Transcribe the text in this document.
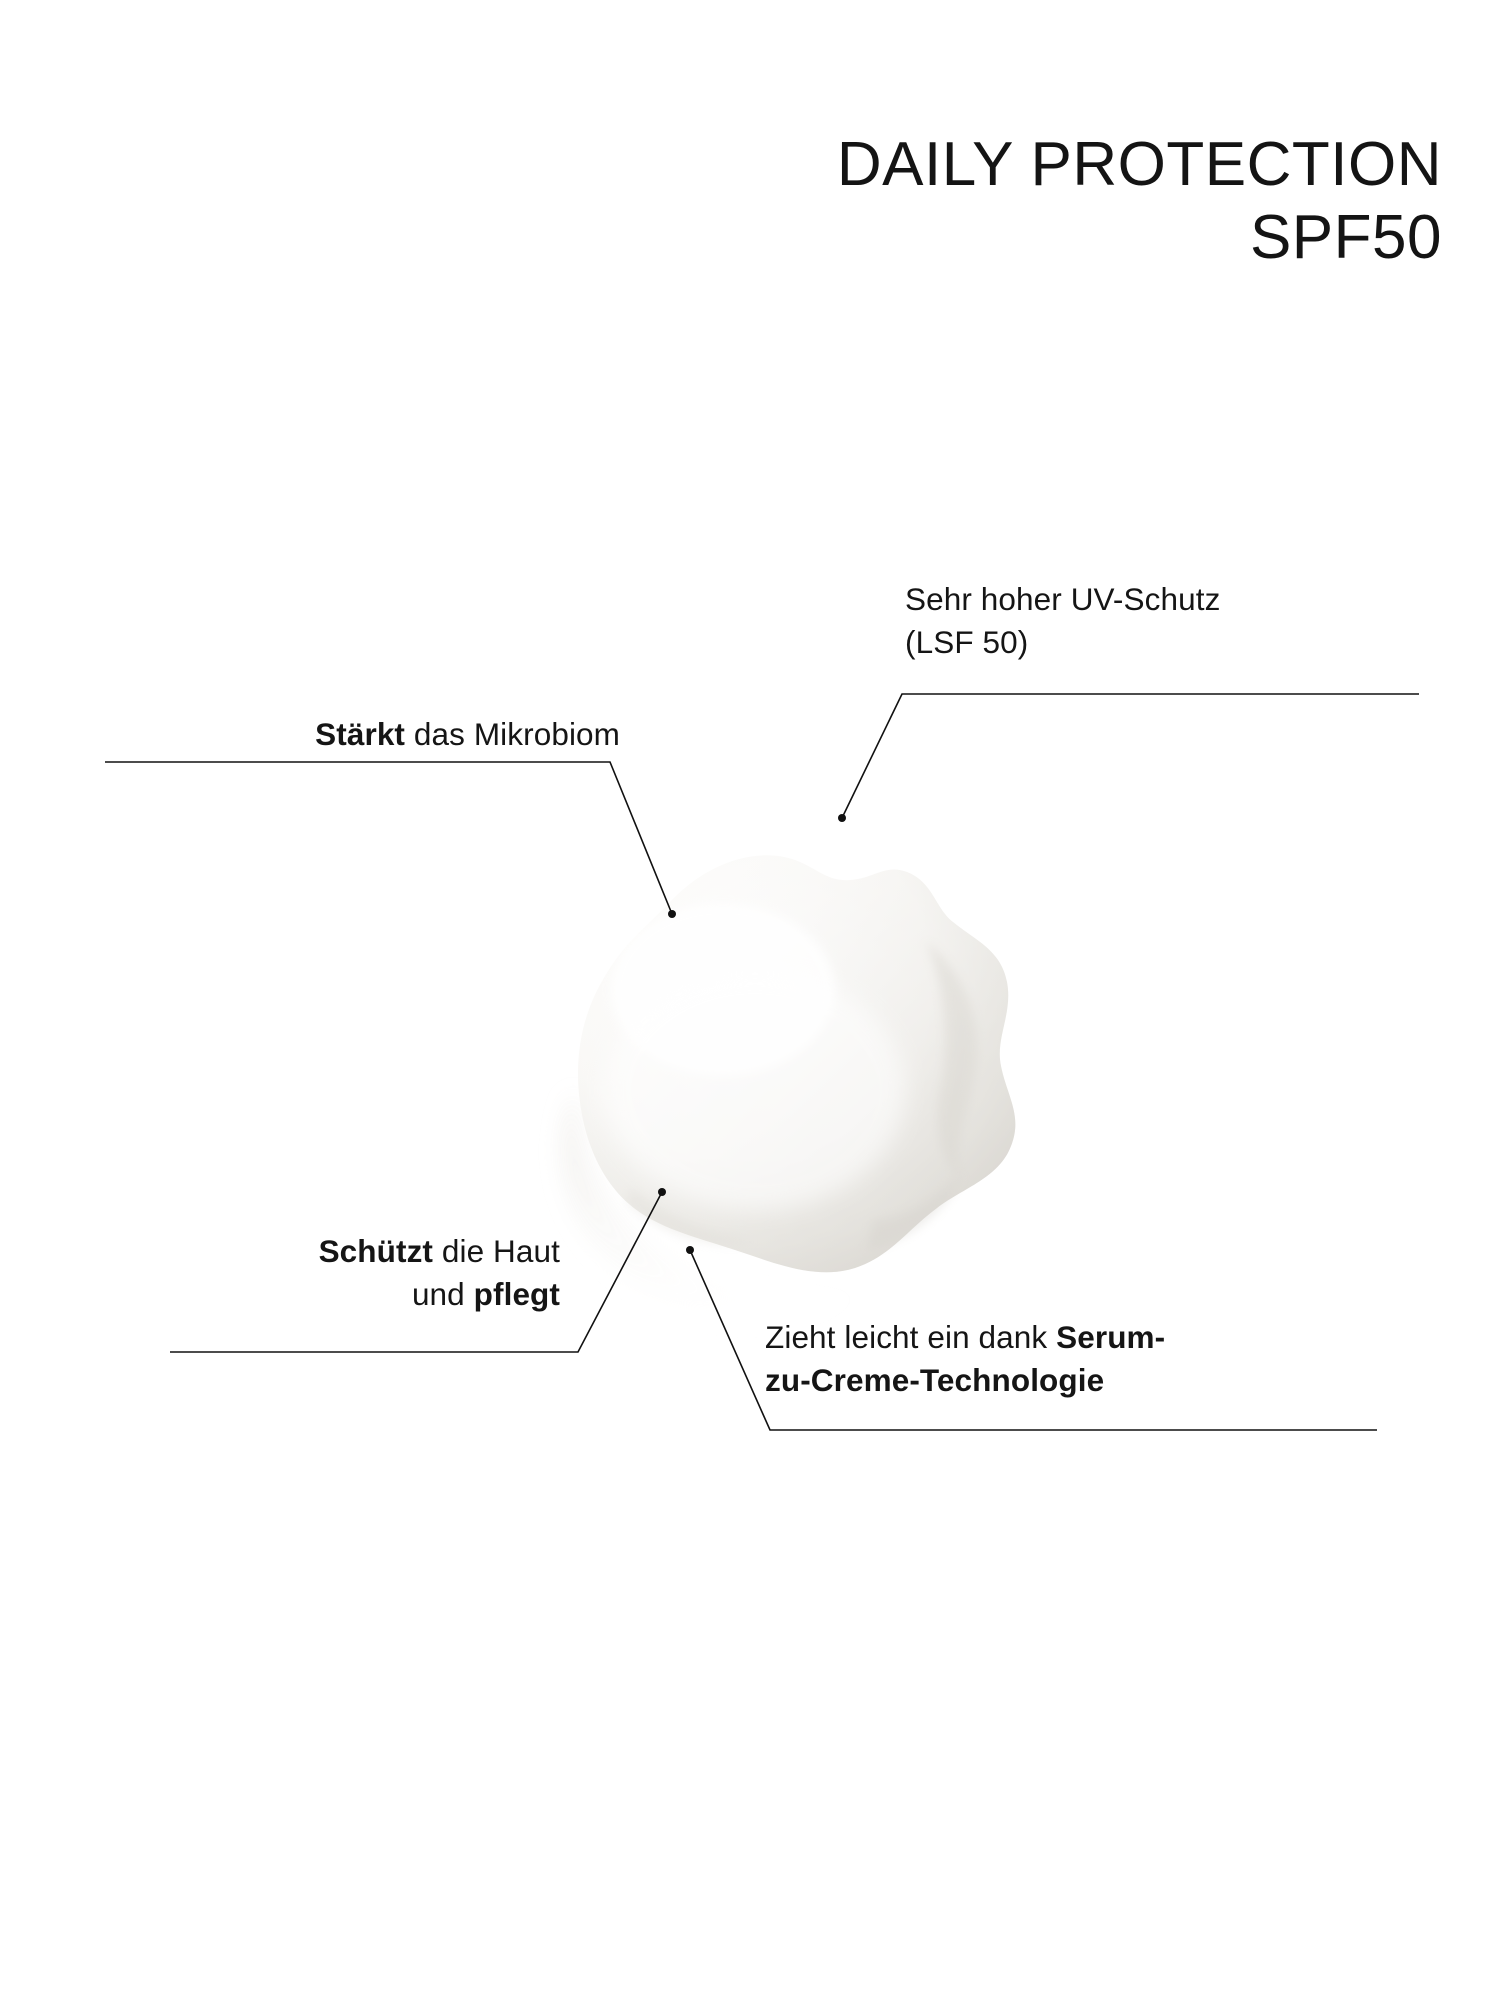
DAILY PROTECTION
SPF50
Sehr hoher UV-Schutz
(LSF 50)
Stärkt das Mikrobiom
Schützt die Haut
und pflegt
Zieht leicht ein dank Serum-
zu-Creme-Technologie
